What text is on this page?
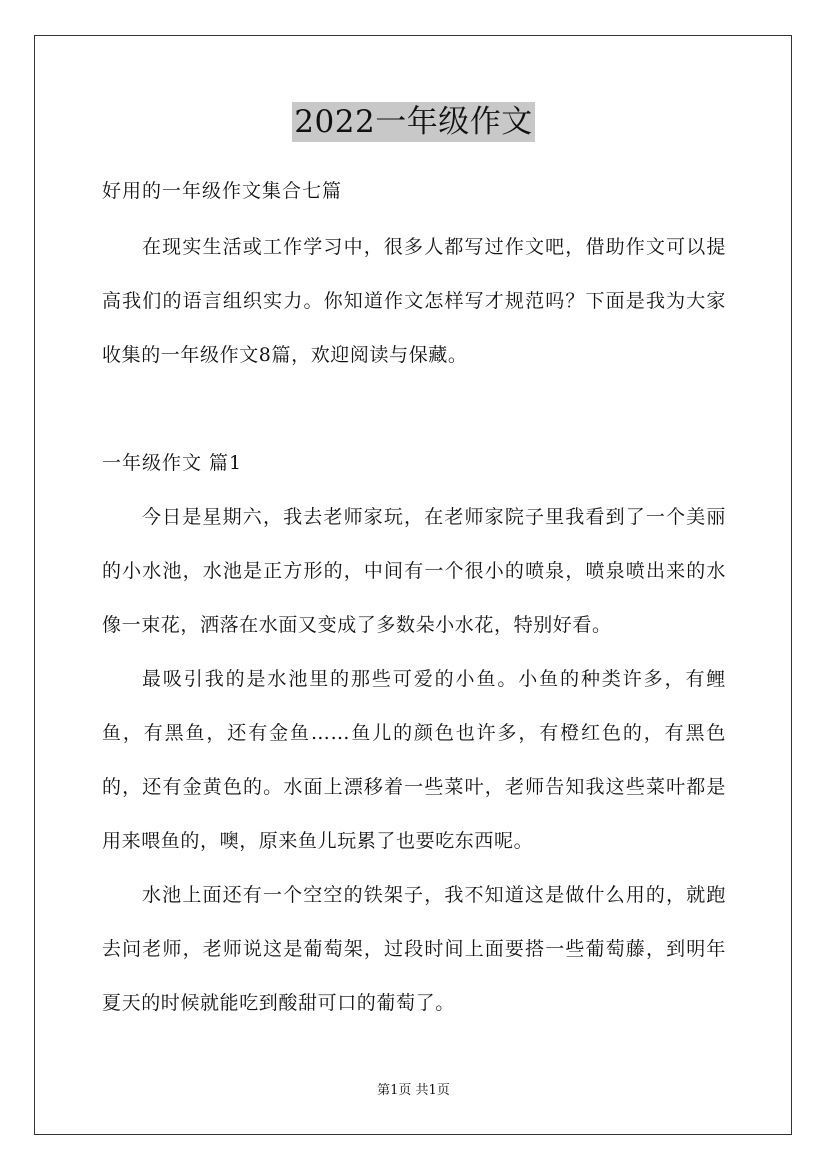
2022一年级作文
好用的一年级作文集合七篇

在现实生活或工作学习中，很多人都写过作文吧，借助作文可以提高我们的语言组织实力。你知道作文怎样写才规范吗？下面是我为大家收集的一年级作文8篇，欢迎阅读与保藏。

一年级作文 篇1

今日是星期六，我去老师家玩，在老师家院子里我看到了一个美丽的小水池，水池是正方形的，中间有一个很小的喷泉，喷泉喷出来的水像一束花，洒落在水面又变成了多数朵小水花，特别好看。

最吸引我的是水池里的那些可爱的小鱼。小鱼的种类许多，有鲤鱼，有黑鱼，还有金鱼……鱼儿的颜色也许多，有橙红色的，有黑色的，还有金黄色的。水面上漂移着一些菜叶，老师告知我这些菜叶都是用来喂鱼的，噢，原来鱼儿玩累了也要吃东西呢。

水池上面还有一个空空的铁架子，我不知道这是做什么用的，就跑去问老师，老师说这是葡萄架，过段时间上面要搭一些葡萄藤，到明年夏天的时候就能吃到酸甜可口的葡萄了。

第1页 共1页
